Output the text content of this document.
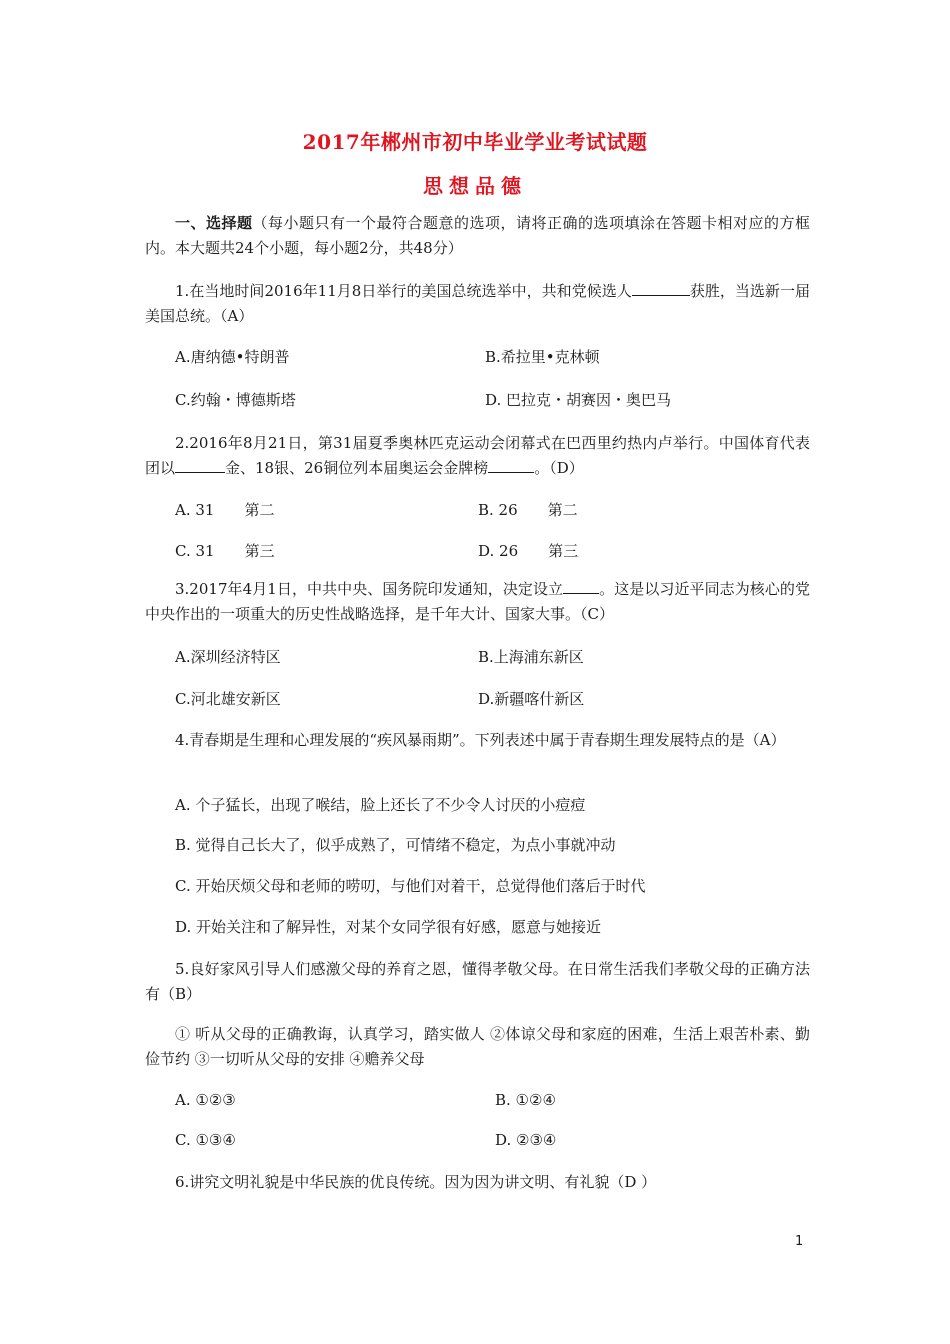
2017年郴州市初中毕业学业考试试题
思想品德

一、选择题（每小题只有一个最符合题意的选项，请将正确的选项填涂在答题卡相对应的方框内。本大题共24个小题，每小题2分，共48分）

1.在当地时间2016年11月8日举行的美国总统选举中，共和党候选人	获胜，当选新一届美国总统。（A）

A.唐纳德•特朗普	B.希拉里•克林顿
C.约翰・博德斯塔	D. 巴拉克・胡赛因・奥巴马

2.2016年8月21日，第31届夏季奥林匹克运动会闭幕式在巴西里约热内卢举行。中国体育代表团以	金、18银、26铜位列本届奥运会金牌榜	。（D）

A. 31　　第二	B. 26　　第二
C. 31　　第三	D. 26　　第三

3.2017年4月1日，中共中央、国务院印发通知，决定设立 。这是以习近平同志为核心的党中央作出的一项重大的历史性战略选择，是千年大计、国家大事。（C）

A.深圳经济特区	B.上海浦东新区
C.河北雄安新区	D.新疆喀什新区

4.青春期是生理和心理发展的“疾风暴雨期”。下列表述中属于青春期生理发展特点的是（A）

A. 个子猛长，出现了喉结，脸上还长了不少令人讨厌的小痘痘
B. 觉得自己长大了，似乎成熟了，可情绪不稳定，为点小事就冲动
C. 开始厌烦父母和老师的唠叨，与他们对着干，总觉得他们落后于时代
D. 开始关注和了解异性，对某个女同学很有好感，愿意与她接近

5.良好家风引导人们感激父母的养育之恩，懂得孝敬父母。在日常生活我们孝敬父母的正确方法有（B）

① 听从父母的正确教诲，认真学习，踏实做人 ②体谅父母和家庭的困难，生活上艰苦朴素、勤俭节约 ③一切听从父母的安排 ④赡养父母

A. ①②③	B. ①②④
C. ①③④	D. ②③④

6.讲究文明礼貌是中华民族的优良传统。因为因为讲文明、有礼貌（D ）

1
